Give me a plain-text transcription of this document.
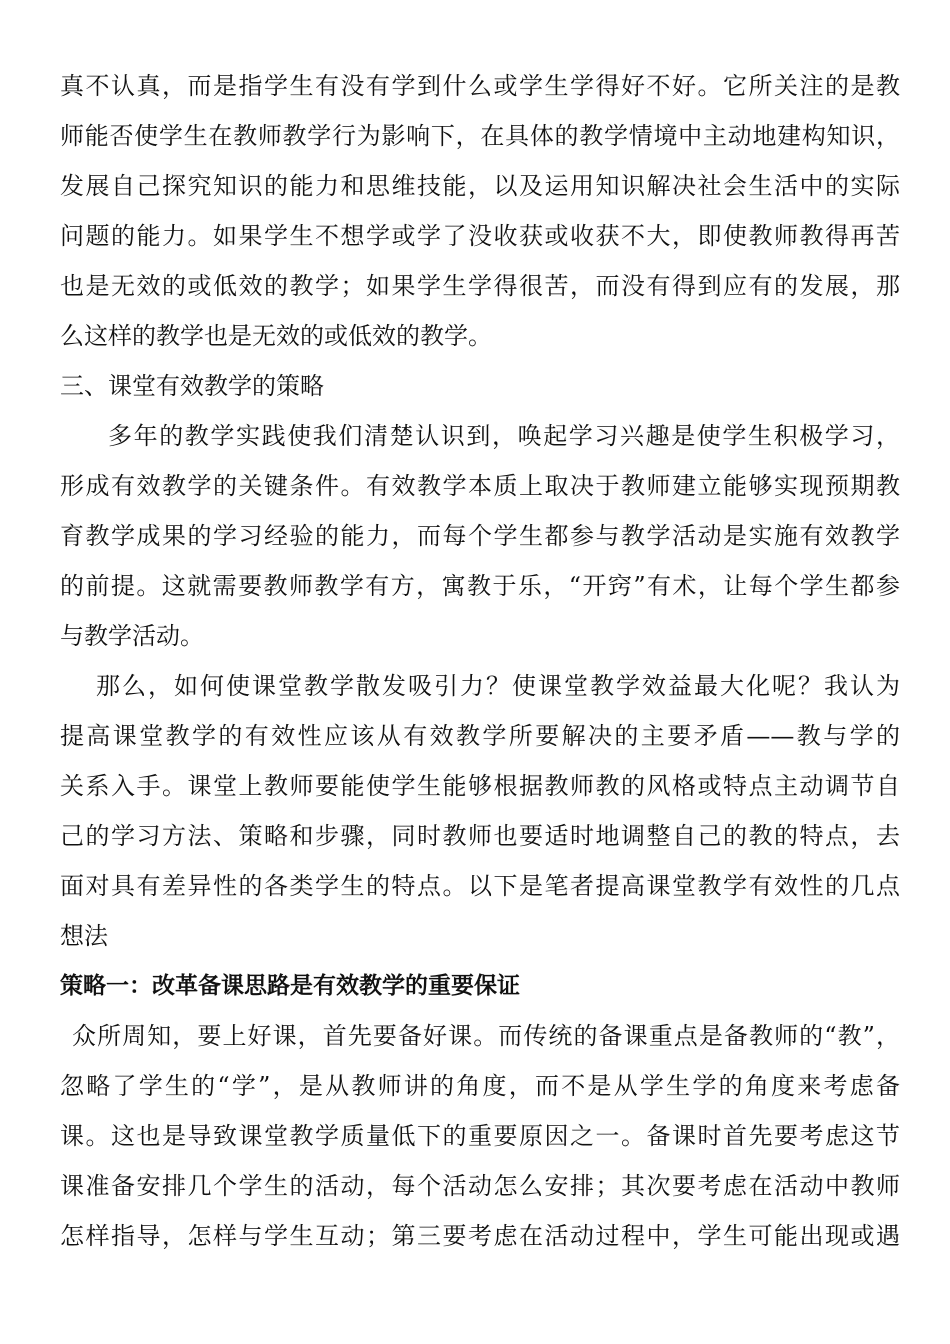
真不认真，而是指学生有没有学到什么或学生学得好不好。它所关注的是教
师能否使学生在教师教学行为影响下，在具体的教学情境中主动地建构知识，
发展自己探究知识的能力和思维技能，以及运用知识解决社会生活中的实际
问题的能力。如果学生不想学或学了没收获或收获不大，即使教师教得再苦
也是无效的或低效的教学；如果学生学得很苦，而没有得到应有的发展，那
么这样的教学也是无效的或低效的教学。
三、课堂有效教学的策略
多年的教学实践使我们清楚认识到，唤起学习兴趣是使学生积极学习，
形成有效教学的关键条件。有效教学本质上取决于教师建立能够实现预期教
育教学成果的学习经验的能力，而每个学生都参与教学活动是实施有效教学
的前提。这就需要教师教学有方，寓教于乐，“开窍”有术，让每个学生都参
与教学活动。
那么，如何使课堂教学散发吸引力？使课堂教学效益最大化呢？我认为
提高课堂教学的有效性应该从有效教学所要解决的主要矛盾——教与学的
关系入手。课堂上教师要能使学生能够根据教师教的风格或特点主动调节自
己的学习方法、策略和步骤，同时教师也要适时地调整自己的教的特点，去
面对具有差异性的各类学生的特点。以下是笔者提高课堂教学有效性的几点
想法
策略一：改革备课思路是有效教学的重要保证
众所周知，要上好课，首先要备好课。而传统的备课重点是备教师的“教”，
忽略了学生的“学”，是从教师讲的角度，而不是从学生学的角度来考虑备
课。这也是导致课堂教学质量低下的重要原因之一。备课时首先要考虑这节
课准备安排几个学生的活动，每个活动怎么安排；其次要考虑在活动中教师
怎样指导，怎样与学生互动；第三要考虑在活动过程中，学生可能出现或遇
